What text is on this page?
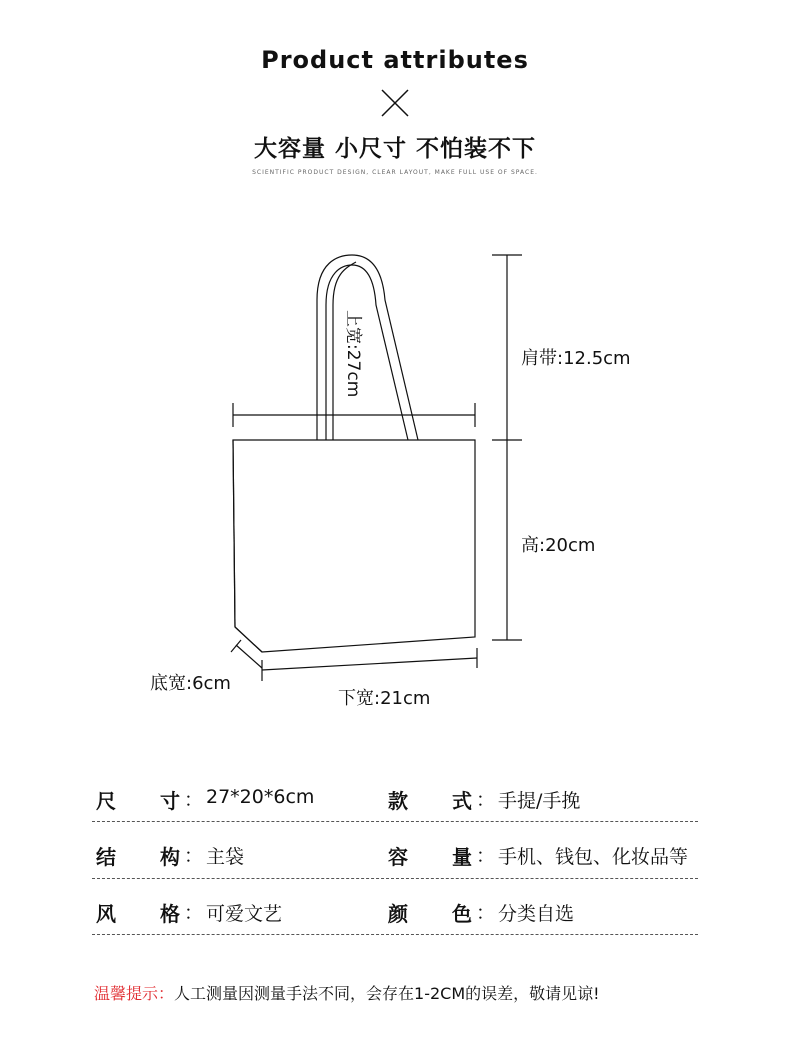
Product attributes
大容量 小尺寸 不怕装不下
SCIENTIFIC PRODUCT DESIGN, CLEAR LAYOUT, MAKE FULL USE OF SPACE.
上宽:27cm	肩带:12.5cm
高:20cm
底宽:6cm
下宽:21cm
尺 寸 ： 27*20*6cm	款 式 ： 手提/手挽
结 构 ： 主袋	容 量 ： 手机、钱包、化妆品等
风 格 ： 可爱文艺	颜 色 ： 分类自选
温馨提示：人工测量因测量手法不同，会存在1-2CM的误差，敬请见谅!
